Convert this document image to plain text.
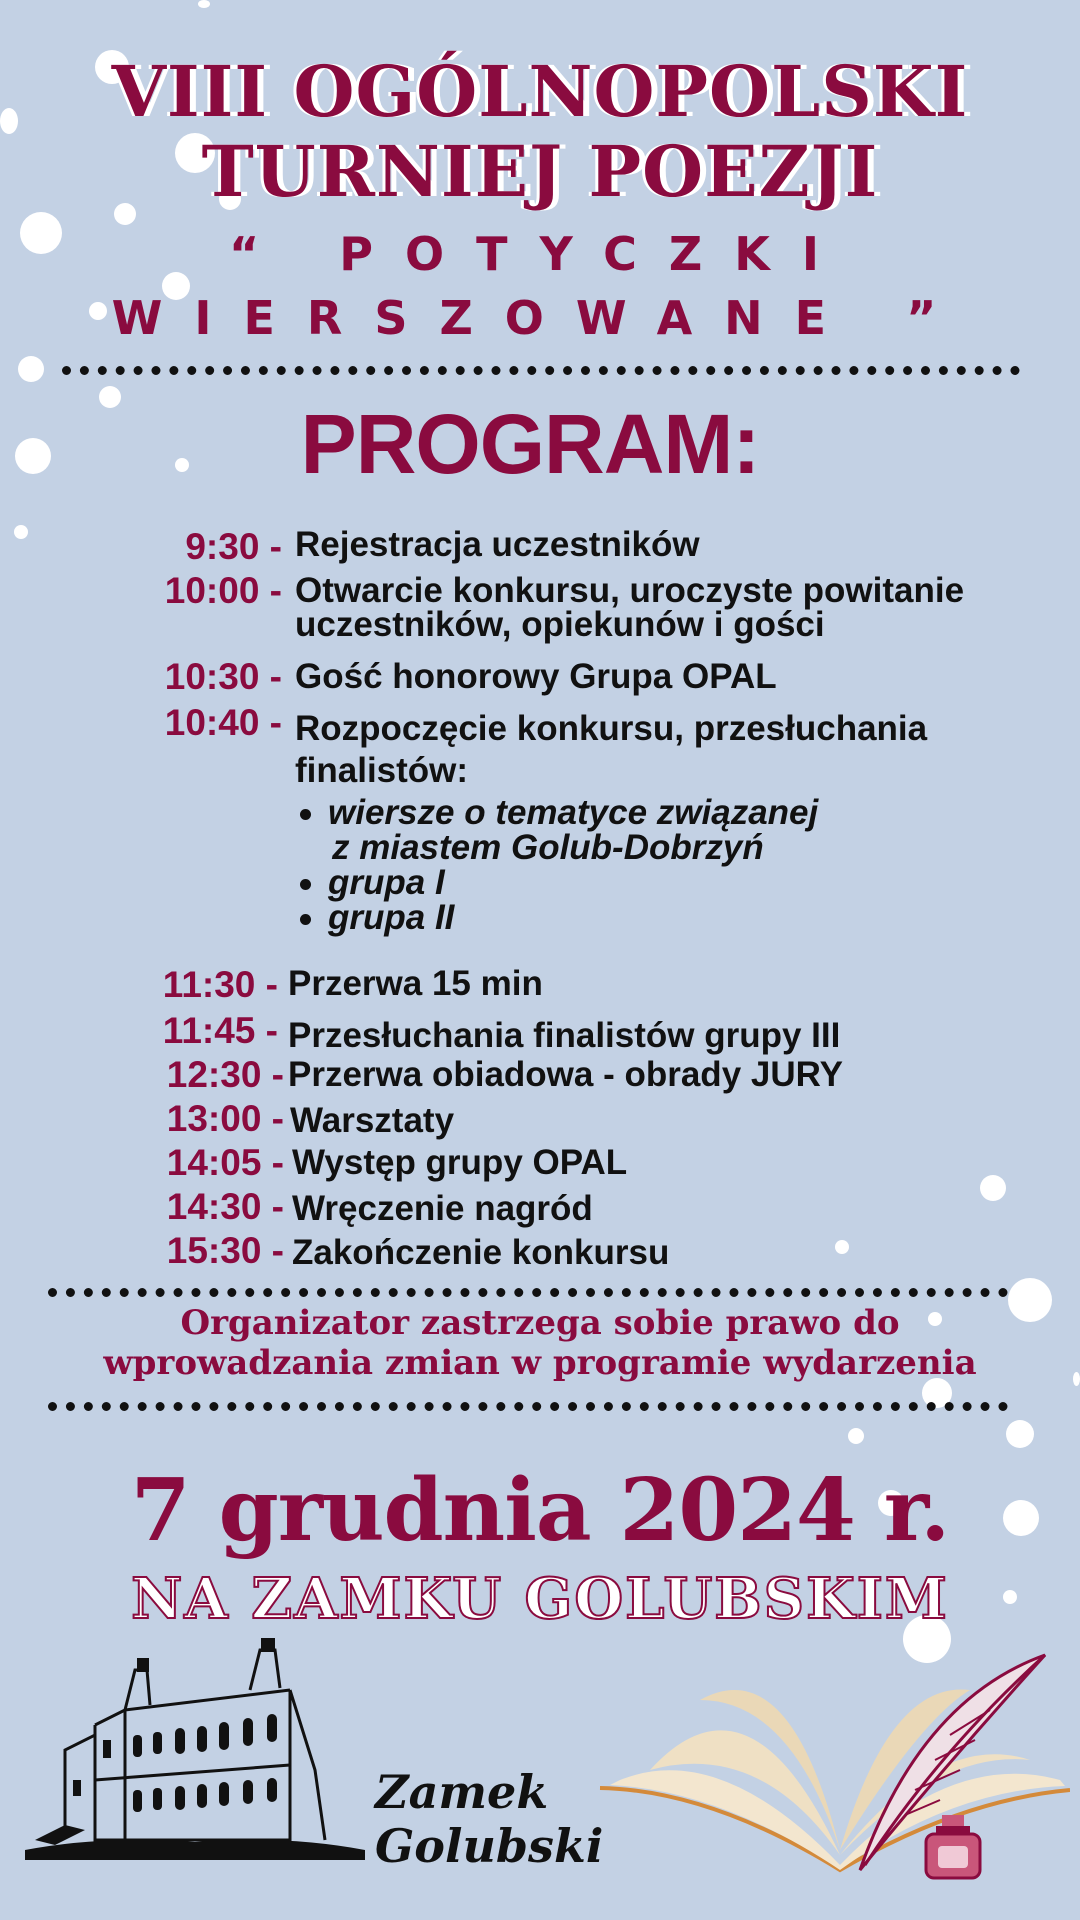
VIII OGÓLNOPOLSKI
TURNIEJ POEZJI
“ POTYCZKI
WIERSZOWANE ”
PROGRAM:
9:30 - Rejestracja uczestników
10:00 - Otwarcie konkursu, uroczyste powitanie
uczestników, opiekunów i gości
10:30 - Gość honorowy Grupa OPAL
10:40 - Rozpoczęcie konkursu, przesłuchania
finalistów:
wiersze o tematyce związanej
z miastem Golub-Dobrzyń
grupa I
grupa II
11:30 - Przerwa 15 min
11:45 - Przesłuchania finalistów grupy III
12:30 - Przerwa obiadowa - obrady JURY
13:00 - Warsztaty
14:05 - Występ grupy OPAL
14:30 - Wręczenie nagród
15:30 - Zakończenie konkursu
Organizator zastrzega sobie prawo do
wprowadzania zmian w programie wydarzenia
7 grudnia 2024 r.
NA ZAMKU GOLUBSKIM
Zamek
Golubski
